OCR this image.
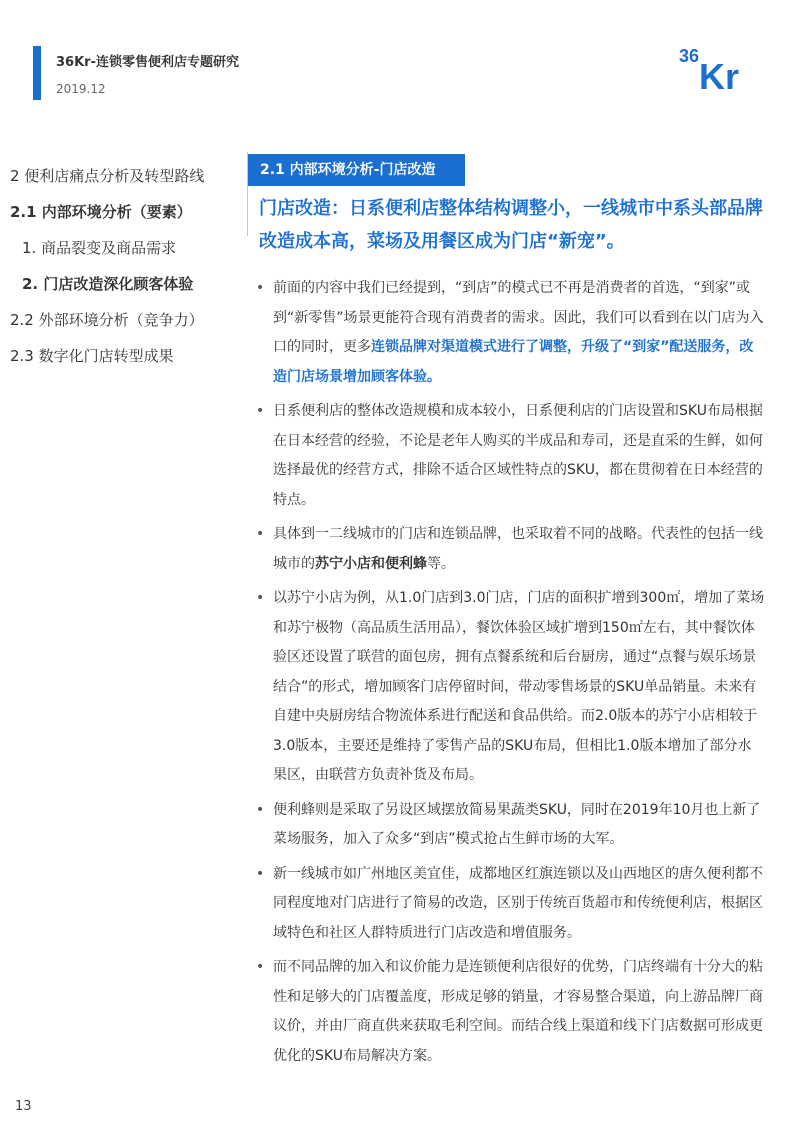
36Kr-连锁零售便利店专题研究
2019.12
36 Kr
2 便利店痛点分析及转型路线
2.1 内部环境分析（要素）
1. 商品裂变及商品需求
2. 门店改造深化顾客体验
2.2 外部环境分析（竞争力）
2.3 数字化门店转型成果
2.1 内部环境分析-门店改造
门店改造：日系便利店整体结构调整小，一线城市中系头部品牌改造成本高，菜场及用餐区成为门店“新宠”。
• 前面的内容中我们已经提到，“到店”的模式已不再是消费者的首选，“到家”或到“新零售”场景更能符合现有消费者的需求。因此，我们可以看到在以门店为入口的同时，更多连锁品牌对渠道模式进行了调整，升级了“到家”配送服务，改造门店场景增加顾客体验。
• 日系便利店的整体改造规模和成本较小，日系便利店的门店设置和SKU布局根据在日本经营的经验，不论是老年人购买的半成品和寿司，还是直采的生鲜，如何选择最优的经营方式，排除不适合区域性特点的SKU，都在贯彻着在日本经营的特点。
• 具体到一二线城市的门店和连锁品牌，也采取着不同的战略。代表性的包括一线城市的苏宁小店和便利蜂等。
• 以苏宁小店为例，从1.0门店到3.0门店，门店的面积扩增到300㎡，增加了菜场和苏宁极物（高品质生活用品），餐饮体验区域扩增到150㎡左右，其中餐饮体验区还设置了联营的面包房，拥有点餐系统和后台厨房，通过“点餐与娱乐场景结合”的形式，增加顾客门店停留时间，带动零售场景的SKU单品销量。未来有自建中央厨房结合物流体系进行配送和食品供给。而2.0版本的苏宁小店相较于3.0版本，主要还是维持了零售产品的SKU布局，但相比1.0版本增加了部分水果区，由联营方负责补货及布局。
• 便利蜂则是采取了另设区域摆放简易果蔬类SKU，同时在2019年10月也上新了菜场服务，加入了众多“到店”模式抢占生鲜市场的大军。
• 新一线城市如广州地区美宜佳，成都地区红旗连锁以及山西地区的唐久便利都不同程度地对门店进行了简易的改造，区别于传统百货超市和传统便利店，根据区域特色和社区人群特质进行门店改造和增值服务。
• 而不同品牌的加入和议价能力是连锁便利店很好的优势，门店终端有十分大的粘性和足够大的门店覆盖度，形成足够的销量，才容易整合渠道，向上游品牌厂商议价，并由厂商直供来获取毛利空间。而结合线上渠道和线下门店数据可形成更优化的SKU布局解决方案。
13
